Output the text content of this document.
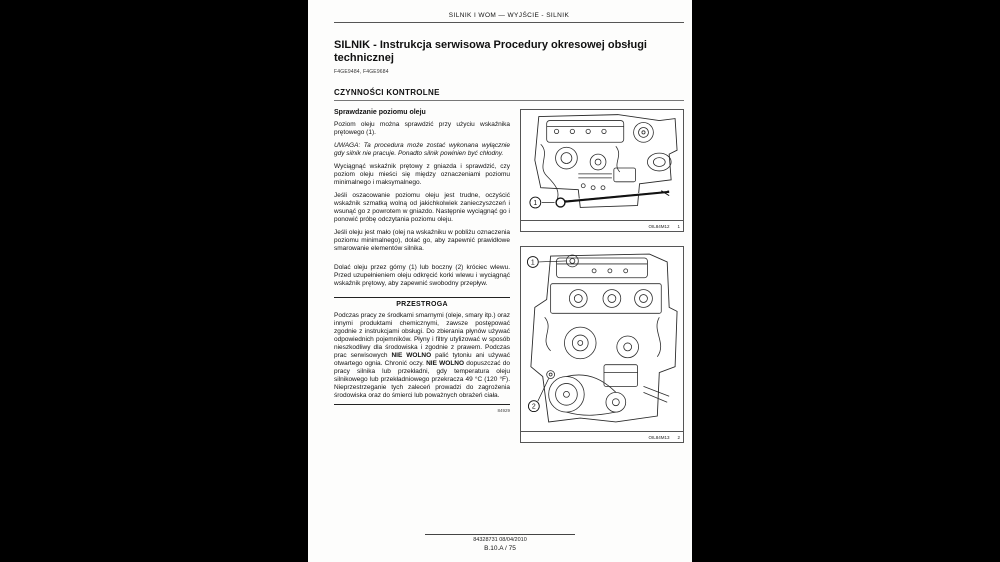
SILNIK I WOM — WYJŚCIE - SILNIK
SILNIK - Instrukcja serwisowa Procedury okresowej obsługi technicznej
F4GE9484, F4GE9684
CZYNNOŚCI KONTROLNE
Sprawdzanie poziomu oleju

Poziom oleju można sprawdzić przy użyciu wskaźnika prętowego (1).

UWAGA: Ta procedura może zostać wykonana wyłącznie gdy silnik nie pracuje. Ponadto silnik powinien być chłodny.

Wyciągnąć wskaźnik prętowy z gniazda i sprawdzić, czy poziom oleju mieści się między oznaczeniami poziomu minimalnego i maksymalnego.

Jeśli oszacowanie poziomu oleju jest trudne, oczyścić wskaźnik szmatką wolną od jakichkolwiek zanieczyszczeń i wsunąć go z powrotem w gniazdo. Następnie wyciągnąć go i ponowić próbę odczytania poziomu oleju.

Jeśli oleju jest mało (olej na wskaźniku w pobliżu oznaczenia poziomu minimalnego), dolać go, aby zapewnić prawidłowe smarowanie elementów silnika.

Dolać oleju przez górny (1) lub boczny (2) króciec wlewu. Przed uzupełnieniem oleju odkręcić korki wlewu i wyciągnąć wskaźnik prętowy, aby zapewnić swobodny przepływ.

PRZESTROGA
Podczas pracy ze środkami smarnymi (oleje, smary itp.) oraz innymi produktami chemicznymi, zawsze postępować zgodnie z instrukcjami obsługi. Do zbierania płynów używać odpowiednich pojemników. Płyny i filtry utylizować w sposób nieszkodliwy dla środowiska i zgodnie z prawem. Podczas prac serwisowych NIE WOLNO palić tytoniu ani używać otwartego ognia. Chronić oczy. NIE WOLNO dopuszczać do pracy silnika lub przekładni, gdy temperatura oleju silnikowego lub przekładniowego przekracza 49 °C (120 °F). Nieprzestrzeganie tych zaleceń prowadzi do zagrożenia środowiska oraz do śmierci lub poważnych obrażeń ciała.
84929
1
OIL84M12 1
1
2
OIL84M13 2
84328731 08/04/2010
B.10.A / 75
